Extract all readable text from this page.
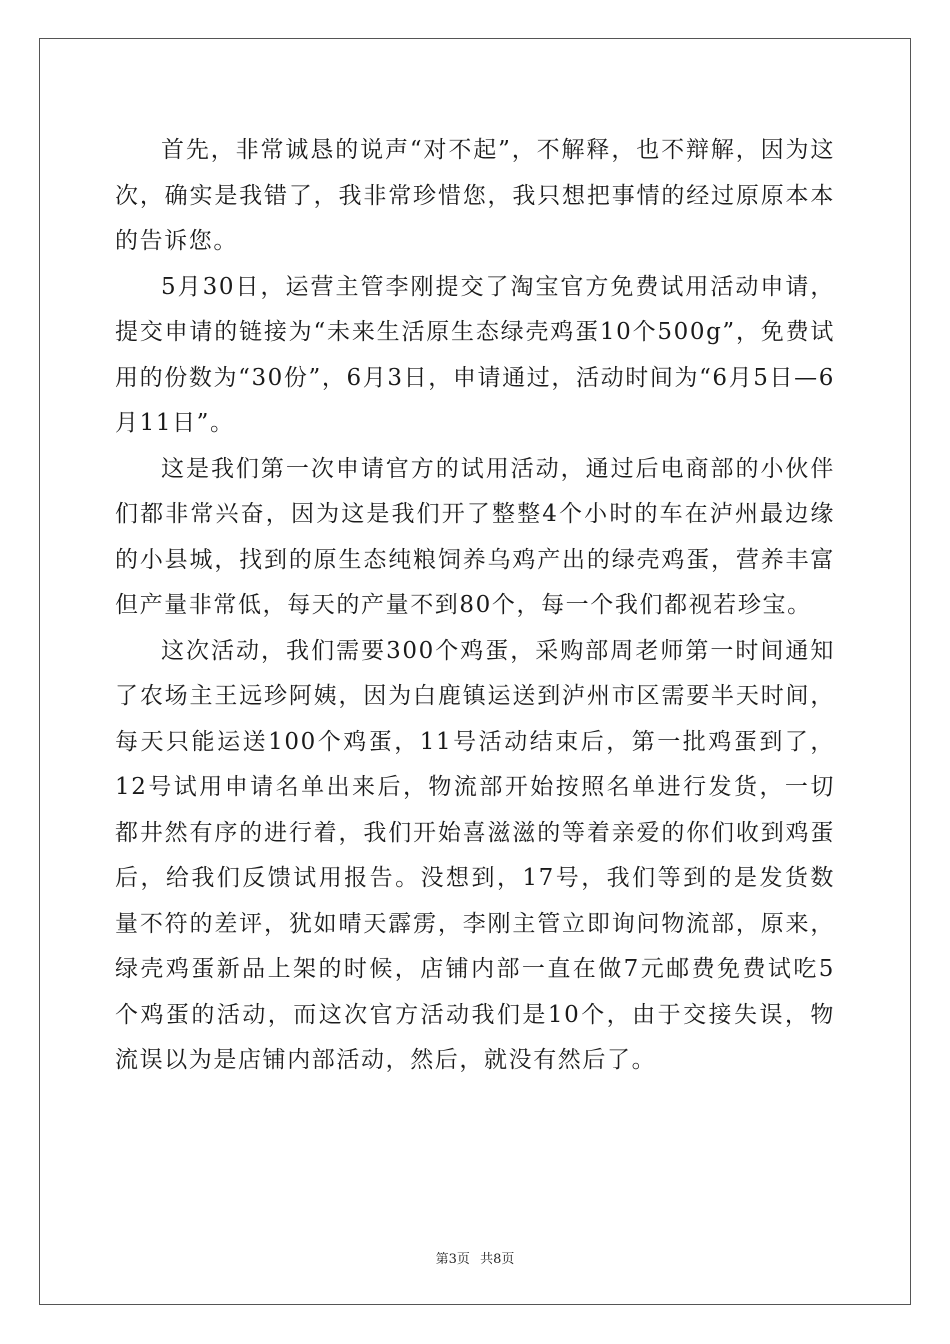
首先，非常诚恳的说声“对不起”，不解释，也不辩解，因为这次，确实是我错了，我非常珍惜您，我只想把事情的经过原原本本的告诉您。

5月30日，运营主管李刚提交了淘宝官方免费试用活动申请，提交申请的链接为“未来生活原生态绿壳鸡蛋10个500g”，免费试用的份数为“30份”，6月3日，申请通过，活动时间为“6月5日—6月11日”。

这是我们第一次申请官方的试用活动，通过后电商部的小伙伴们都非常兴奋，因为这是我们开了整整4个小时的车在泸州最边缘的小县城，找到的原生态纯粮饲养乌鸡产出的绿壳鸡蛋，营养丰富但产量非常低，每天的产量不到80个，每一个我们都视若珍宝。

这次活动，我们需要300个鸡蛋，采购部周老师第一时间通知了农场主王远珍阿姨，因为白鹿镇运送到泸州市区需要半天时间，每天只能运送100个鸡蛋，11号活动结束后，第一批鸡蛋到了，12号试用申请名单出来后，物流部开始按照名单进行发货，一切都井然有序的进行着，我们开始喜滋滋的等着亲爱的你们收到鸡蛋后，给我们反馈试用报告。没想到，17号，我们等到的是发货数量不符的差评，犹如晴天霹雳，李刚主管立即询问物流部，原来，绿壳鸡蛋新品上架的时候，店铺内部一直在做7元邮费免费试吃5个鸡蛋的活动，而这次官方活动我们是10个，由于交接失误，物流误以为是店铺内部活动，然后，就没有然后了。

第3页 共8页
